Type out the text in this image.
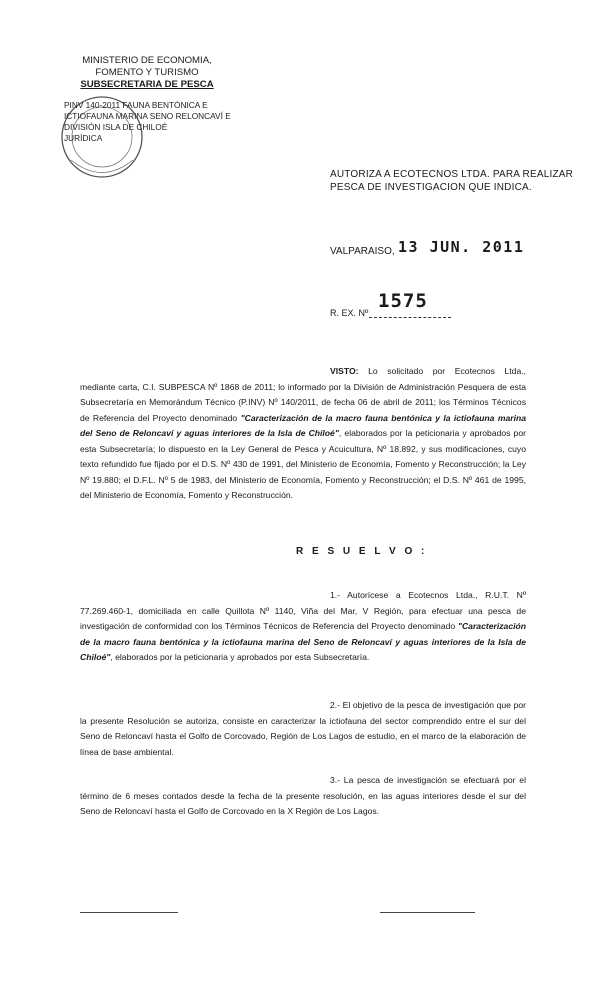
MINISTERIO DE ECONOMIA,
FOMENTO Y TURISMO
SUBSECRETARIA DE PESCA
PINV 140-2011 FAUNA BENTÓNICA E
ICTIOFAUNA MARINA SENO RELONCAVÍ E
DIVISIÓN ISLA DE CHILOÉ
JURÍDICA
AUTORIZA A ECOTECNOS LTDA. PARA REALIZAR
PESCA DE INVESTIGACION QUE INDICA.
VALPARAISO, 13 JUN. 2011
R. EX. Nº
1575
VISTO: Lo solicitado por Ecotecnos Ltda., mediante carta, C.I. SUBPESCA Nº 1868 de 2011; lo informado por la División de Administración Pesquera de esta Subsecretaría en Memorándum Técnico (P.INV) Nº 140/2011, de fecha 06 de abril de 2011; los Términos Técnicos de Referencia del Proyecto denominado "Caracterización de la macro fauna bentónica y la ictiofauna marina del Seno de Reloncaví y aguas interiores de la Isla de Chiloé", elaborados por la peticionaria y aprobados por esta Subsecretaría; lo dispuesto en la Ley General de Pesca y Acuicultura, Nº 18.892, y sus modificaciones, cuyo texto refundido fue fijado por el D.S. Nº 430 de 1991, del Ministerio de Economía, Fomento y Reconstrucción; la Ley Nº 19.880; el D.F.L. Nº 5 de 1983, del Ministerio de Economía, Fomento y Reconstrucción; el D.S. Nº 461 de 1995, del Ministerio de Economía, Fomento y Reconstrucción.
R E S U E L V O :
1.- Autorícese a Ecotecnos Ltda., R.U.T. Nº 77.269.460-1, domiciliada en calle Quillota Nº 1140, Viña del Mar, V Región, para efectuar una pesca de investigación de conformidad con los Términos Técnicos de Referencia del Proyecto denominado "Caracterización de la macro fauna bentónica y la ictiofauna marina del Seno de Reloncaví y aguas interiores de la Isla de Chiloé", elaborados por la peticionaria y aprobados por esta Subsecretaría.
2.- El objetivo de la pesca de investigación que por la presente Resolución se autoriza, consiste en caracterizar la ictiofauna del sector comprendido entre el sur del Seno de Reloncaví hasta el Golfo de Corcovado, Región de Los Lagos de estudio, en el marco de la elaboración de línea de base ambiental.
3.- La pesca de investigación se efectuará por el término de 6 meses contados desde la fecha de la presente resolución, en las aguas interiores desde el sur del Seno de Reloncaví hasta el Golfo de Corcovado en la X Región de Los Lagos.
